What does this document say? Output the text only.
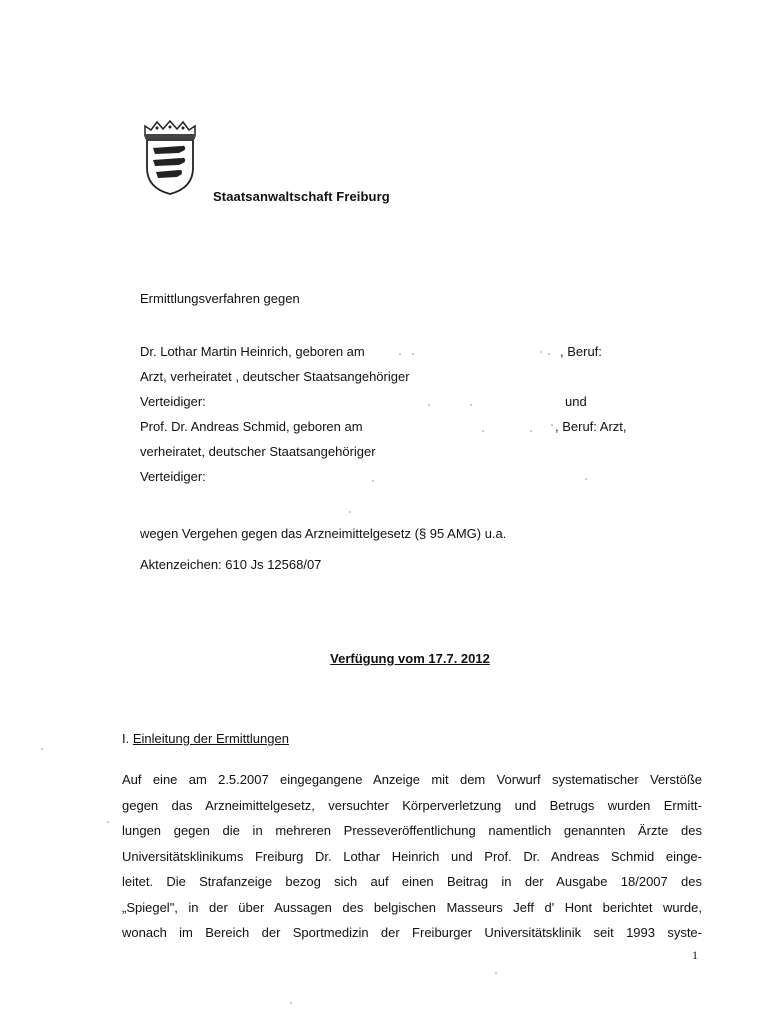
Staatsanwaltschaft Freiburg
Ermittlungsverfahren gegen
Dr. Lothar Martin Heinrich, geboren am	, Beruf:
Arzt, verheiratet , deutscher Staatsangehöriger
Verteidiger:	und
Prof. Dr. Andreas Schmid, geboren am	, Beruf: Arzt,
verheiratet, deutscher Staatsangehöriger
Verteidiger:
wegen Vergehen gegen das Arzneimittelgesetz (§ 95 AMG) u.a.
Aktenzeichen: 610 Js 12568/07
Verfügung vom 17.7. 2012
I. Einleitung der Ermittlungen
Auf eine am 2.5.2007 eingegangene Anzeige mit dem Vorwurf systematischer Verstöße
gegen das Arzneimittelgesetz, versuchter Körperverletzung und Betrugs wurden Ermitt-
lungen gegen die in mehreren Presseveröffentlichung namentlich genannten Ärzte des
Universitätsklinikums Freiburg Dr. Lothar Heinrich und Prof. Dr. Andreas Schmid einge-
leitet. Die Strafanzeige bezog sich auf einen Beitrag in der Ausgabe 18/2007 des
„Spiegel", in der über Aussagen des belgischen Masseurs Jeff d' Hont berichtet wurde,
wonach im Bereich der Sportmedizin der Freiburger Universitätsklinik seit 1993 syste-
1
